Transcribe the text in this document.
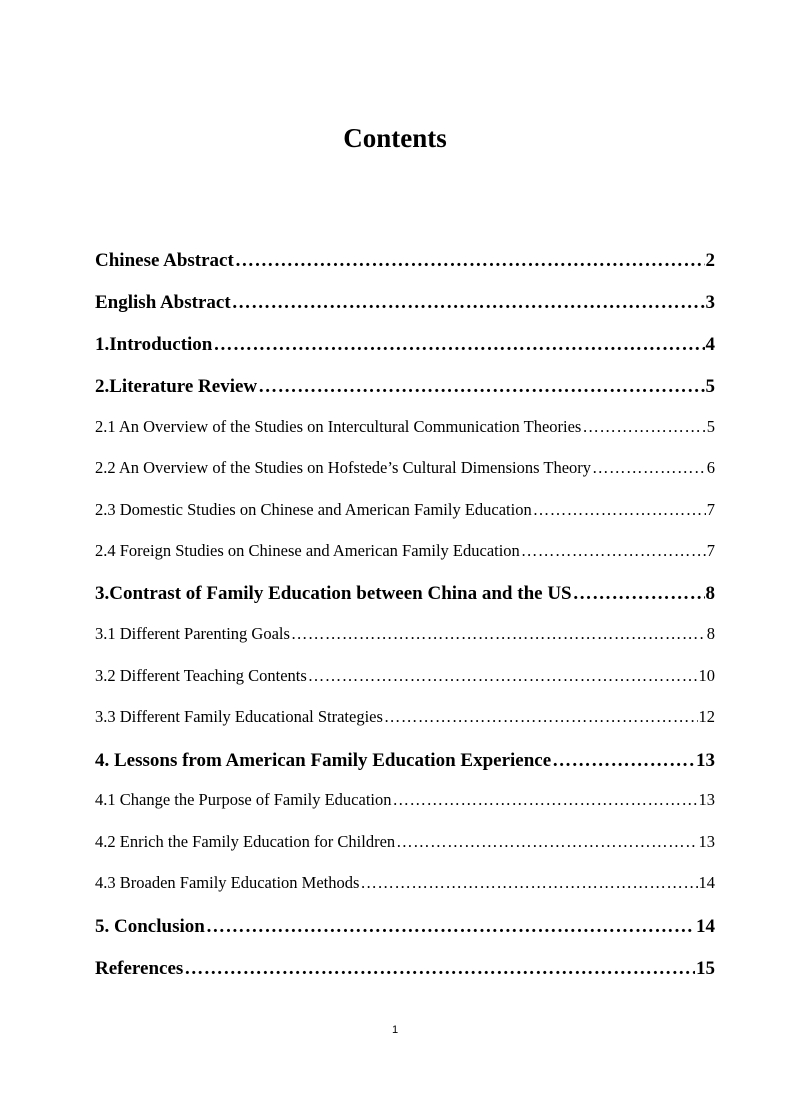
Contents
Chinese Abstract ……………………………………………………………………………………………………………………………………………………………………………………………………	2
English Abstract ……………………………………………………………………………………………………………………………………………………………………………………………………	3
1.Introduction ……………………………………………………………………………………………………………………………………………………………………………………………………	4
2.Literature Review ……………………………………………………………………………………………………………………………………………………………………………………………………	5
2.1 An Overview of the Studies on Intercultural Communication Theories ……………………………………………………………………………………………………………………………………………………………………………………………………	5
2.2 An Overview of the Studies on Hofstede’s Cultural Dimensions Theory ……………………………………………………………………………………………………………………………………………………………………………………………………	6
2.3 Domestic Studies on Chinese and American Family Education ……………………………………………………………………………………………………………………………………………………………………………………………………	7
2.4 Foreign Studies on Chinese and American Family Education ……………………………………………………………………………………………………………………………………………………………………………………………………	7
3.Contrast of Family Education between China and the US ……………………………………………………………………………………………………………………………………………………………………………………………………	8
3.1 Different Parenting Goals ……………………………………………………………………………………………………………………………………………………………………………………………………	8
3.2 Different Teaching Contents ……………………………………………………………………………………………………………………………………………………………………………………………………	10
3.3 Different Family Educational Strategies ……………………………………………………………………………………………………………………………………………………………………………………………………	12
4. Lessons from American Family Education Experience ……………………………………………………………………………………………………………………………………………………………………………………………………	13
4.1 Change the Purpose of Family Education ……………………………………………………………………………………………………………………………………………………………………………………………………	13
4.2 Enrich the Family Education for Children ……………………………………………………………………………………………………………………………………………………………………………………………………	13
4.3 Broaden Family Education Methods ……………………………………………………………………………………………………………………………………………………………………………………………………	14
5. Conclusion ……………………………………………………………………………………………………………………………………………………………………………………………………	14
References ……………………………………………………………………………………………………………………………………………………………………………………………………	15
1
